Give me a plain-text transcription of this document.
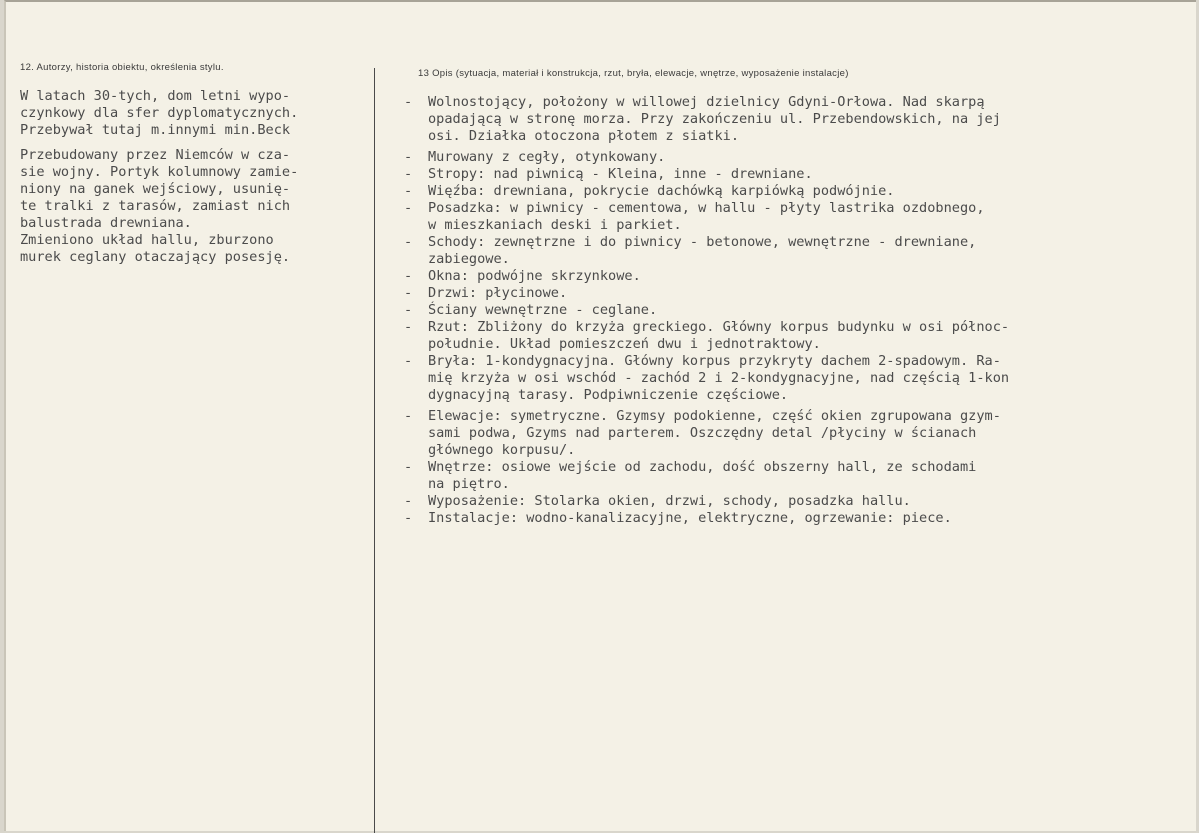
12. Autorzy, historia obiektu, określenia stylu.
13 Opis (sytuacja, materiał i konstrukcja, rzut, bryła, elewacje, wnętrze, wyposażenie instalacje)

W latach 30-tych, dom letni wypo-
czynkowy dla sfer dyplomatycznych.
Przebywał tutaj m.innymi min.Beck

Przebudowany przez Niemców w cza-
sie wojny. Portyk kolumnowy zamie-
niony na ganek wejściowy, usunię-
te tralki z tarasów, zamiast nich
balustrada drewniana.

Zmieniono układ hallu, zburzono
murek ceglany otaczający posesję.

-	Wolnostojący, położony w willowej dzielnicy Gdyni-Orłowa. Nad skarpą
opadającą w stronę morza. Przy zakończeniu ul. Przebendowskich, na jej
osi. Działka otoczona płotem z siatki.
-	Murowany z cegły, otynkowany.
-	Stropy: nad piwnicą - Kleina, inne - drewniane.
-	Więźba: drewniana, pokrycie dachówką karpiówką podwójnie.
-	Posadzka: w piwnicy - cementowa, w hallu - płyty lastrika ozdobnego,
w mieszkaniach deski i parkiet.
-	Schody: zewnętrzne i do piwnicy - betonowe, wewnętrzne - drewniane,
zabiegowe.
-	Okna: podwójne skrzynkowe.
-	Drzwi: płycinowe.
-	Ściany wewnętrzne - ceglane.
-	Rzut: Zbliżony do krzyża greckiego. Główny korpus budynku w osi północ-
południe. Układ pomieszczeń dwu i jednotraktowy.
-	Bryła: 1-kondygnacyjna. Główny korpus przykryty dachem 2-spadowym. Ra-
mię krzyża w osi wschód - zachód 2 i 2-kondygnacyjne, nad częścią 1-kon
dygnacyjną tarasy. Podpiwniczenie częściowe.
-	Elewacje: symetryczne. Gzymsy podokienne, część okien zgrupowana gzym-
sami podwa, Gzyms nad parterem. Oszczędny detal /płyciny w ścianach
głównego korpusu/.
-	Wnętrze: osiowe wejście od zachodu, dość obszerny hall, ze schodami
na piętro.
-	Wyposażenie: Stolarka okien, drzwi, schody, posadzka hallu.
-	Instalacje: wodno-kanalizacyjne, elektryczne, ogrzewanie: piece.
